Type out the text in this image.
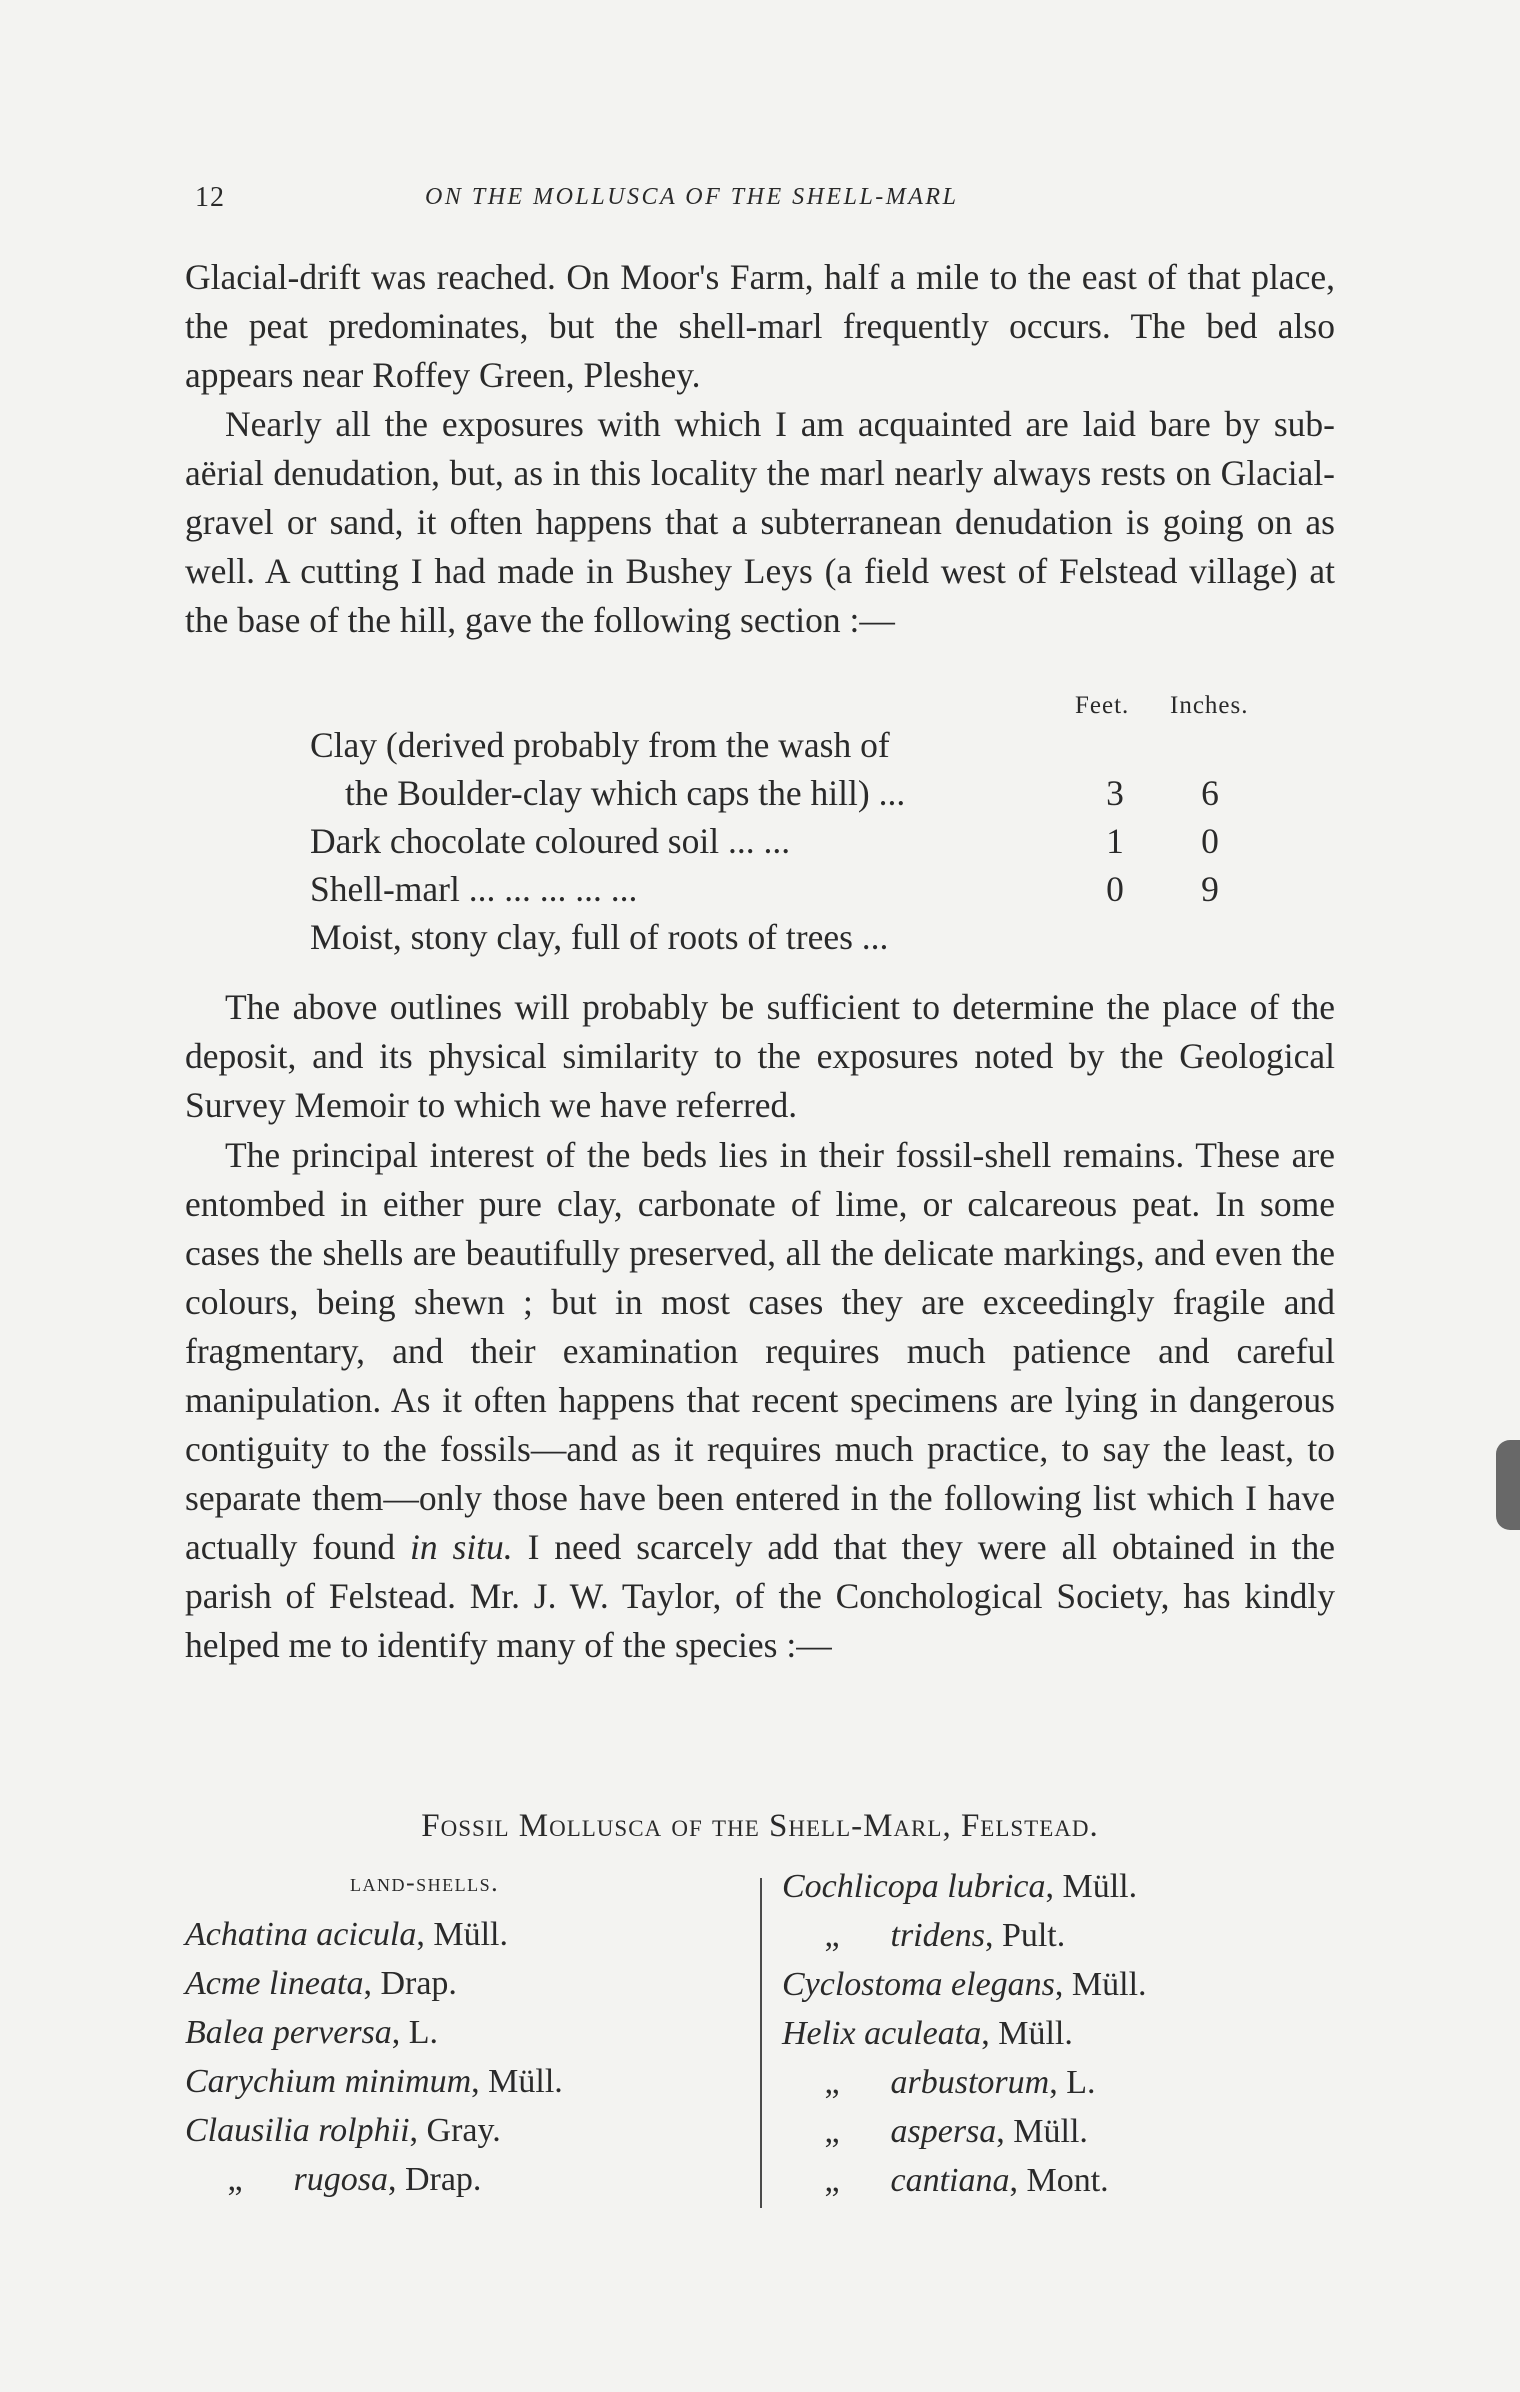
12	ON THE MOLLUSCA OF THE SHELL-MARL

Glacial-drift was reached. On Moor's Farm, half a mile to the east of that place, the peat predominates, but the shell-marl frequently occurs. The bed also appears near Roffey Green, Pleshey.

Nearly all the exposures with which I am acquainted are laid bare by sub-aërial denudation, but, as in this locality the marl nearly always rests on Glacial-gravel or sand, it often happens that a subterranean denudation is going on as well. A cutting I had made in Bushey Leys (a field west of Felstead village) at the base of the hill, gave the following section :—

Feet. Inches.
Clay (derived probably from the wash of
the Boulder-clay which caps the hill) ...	3 6
Dark chocolate coloured soil ... ...	1 0
Shell-marl ... ... ... ... ...	0 9
Moist, stony clay, full of roots of trees ...

The above outlines will probably be sufficient to determine the place of the deposit, and its physical similarity to the exposures noted by the Geological Survey Memoir to which we have referred.

The principal interest of the beds lies in their fossil-shell remains. These are entombed in either pure clay, carbonate of lime, or calcareous peat. In some cases the shells are beautifully preserved, all the delicate markings, and even the colours, being shewn ; but in most cases they are exceedingly fragile and fragmentary, and their examination requires much patience and careful manipulation. As it often happens that recent specimens are lying in dangerous contiguity to the fossils—and as it requires much practice, to say the least, to separate them—only those have been entered in the following list which I have actually found in situ. I need scarcely add that they were all obtained in the parish of Felstead. Mr. J. W. Taylor, of the Conchological Society, has kindly helped me to identify many of the species :—

Fossil Mollusca of the Shell-Marl, Felstead.
land-shells.
Achatina acicula, Müll.
Acme lineata, Drap.
Balea perversa, L.
Carychium minimum, Müll.
Clausilia rolphii, Gray.
„ rugosa, Drap.
Cochlicopa lubrica, Müll.
„ tridens, Pult.
Cyclostoma elegans, Müll.
Helix aculeata, Müll.
„ arbustorum, L.
„ aspersa, Müll.
„ cantiana, Mont.
